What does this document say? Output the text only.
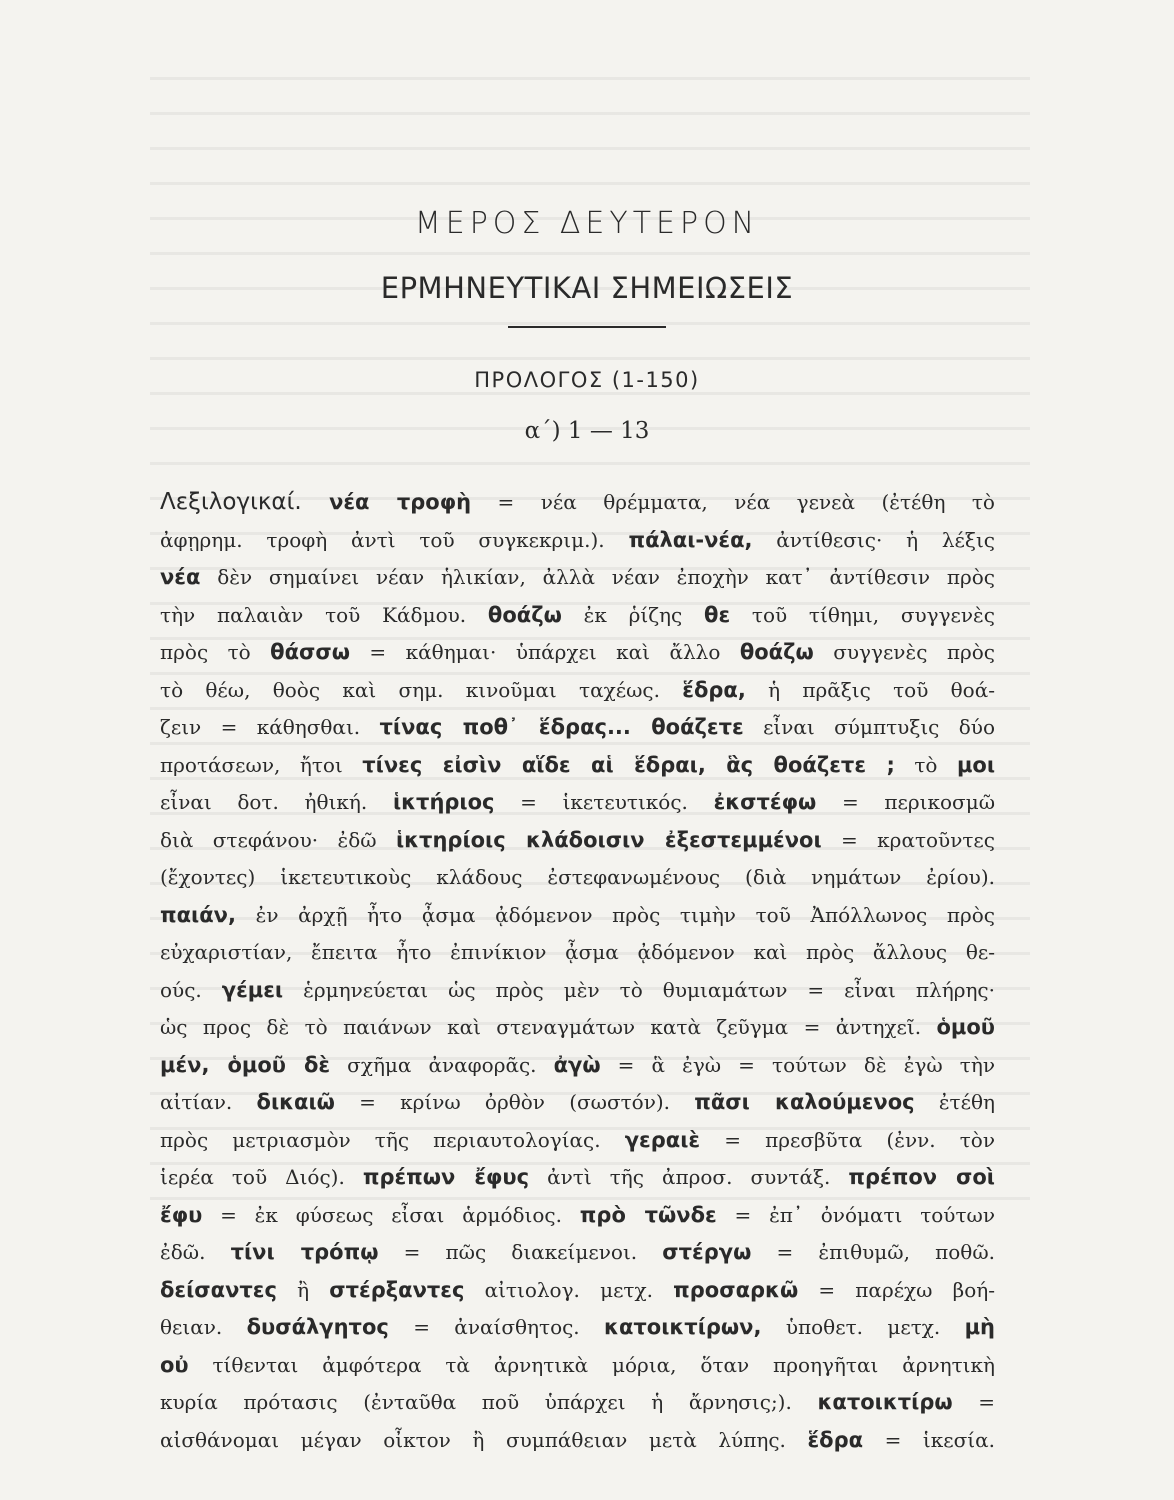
ΜΕΡΟΣ ΔΕΥΤΕΡΟΝ
ΕΡΜΗΝΕΥΤΙΚΑΙ ΣΗΜΕΙΩΣΕΙΣ
ΠΡΟΛΟΓΟΣ (1-150)
α΄) 1 — 13
Λεξιλογικαί. νέα τροφὴ = νέα θρέμματα, νέα γενεὰ (ἐτέθη τὸ
ἀφῃρημ. τροφὴ ἀντὶ τοῦ συγκεκριμ.). πάλαι-νέα, ἀντίθεσις· ἡ λέξις
νέα δὲν σημαίνει νέαν ἡλικίαν, ἀλλὰ νέαν ἐποχὴν κατ᾽ ἀντίθεσιν πρὸς
τὴν παλαιὰν τοῦ Κάδμου. θοάζω ἐκ ῥίζης θε τοῦ τίθημι, συγγενὲς
πρὸς τὸ θάσσω = κάθημαι· ὑπάρχει καὶ ἄλλο θοάζω συγγενὲς πρὸς
τὸ θέω, θοὸς καὶ σημ. κινοῦμαι ταχέως. ἕδρα, ἡ πρᾶξις τοῦ θοά-
ζειν = κάθησθαι. τίνας ποθ᾽ ἕδρας... θοάζετε εἶναι σύμπτυξις δύο
προτάσεων, ἤτοι τίνες εἰσὶν αἵδε αἱ ἕδραι, ἃς θοάζετε ; τὸ μοι
εἶναι δοτ. ἠθική. ἱκτήριος = ἱκετευτικός. ἐκστέφω = περικοσμῶ
διὰ στεφάνου· ἐδῶ ἱκτηρίοις κλάδοισιν ἐξεστεμμένοι = κρατοῦντες
(ἔχοντες) ἱκετευτικοὺς κλάδους ἐστεφανωμένους (διὰ νημάτων ἐρίου).
παιάν, ἐν ἀρχῇ ἦτο ᾆσμα ᾀδόμενον πρὸς τιμὴν τοῦ Ἀπόλλωνος πρὸς
εὐχαριστίαν, ἔπειτα ἦτο ἐπινίκιον ᾆσμα ᾀδόμενον καὶ πρὸς ἄλλους θε-
ούς. γέμει ἑρμηνεύεται ὡς πρὸς μὲν τὸ θυμιαμάτων = εἶναι πλήρης·
ὡς προς δὲ τὸ παιάνων καὶ στεναγμάτων κατὰ ζεῦγμα = ἀντηχεῖ. ὁμοῦ
μέν, ὁμοῦ δὲ σχῆμα ἀναφορᾶς. ἀγὼ = ἃ ἐγὼ = τούτων δὲ ἐγὼ τὴν
αἰτίαν. δικαιῶ = κρίνω ὀρθὸν (σωστόν). πᾶσι καλούμενος ἐτέθη
πρὸς μετριασμὸν τῆς περιαυτολογίας. γεραιὲ = πρεσβῦτα (ἐνν. τὸν
ἱερέα τοῦ Διός). πρέπων ἔφυς ἀντὶ τῆς ἀπροσ. συντάξ. πρέπον σοὶ
ἔφυ = ἐκ φύσεως εἶσαι ἁρμόδιος. πρὸ τῶνδε = ἐπ᾽ ὀνόματι τούτων
ἐδῶ. τίνι τρόπῳ = πῶς διακείμενοι. στέργω = ἐπιθυμῶ, ποθῶ.
δείσαντες ἢ στέρξαντες αἰτιολογ. μετχ. προσαρκῶ = παρέχω βοή-
θειαν. δυσάλγητος = ἀναίσθητος. κατοικτίρων, ὑποθετ. μετχ. μὴ
οὐ τίθενται ἀμφότερα τὰ ἀρνητικὰ μόρια, ὅταν προηγῆται ἀρνητικὴ
κυρία πρότασις (ἐνταῦθα ποῦ ὑπάρχει ἡ ἄρνησις;). κατοικτίρω =
αἰσθάνομαι μέγαν οἶκτον ἢ συμπάθειαν μετὰ λύπης. ἕδρα = ἱκεσία.
